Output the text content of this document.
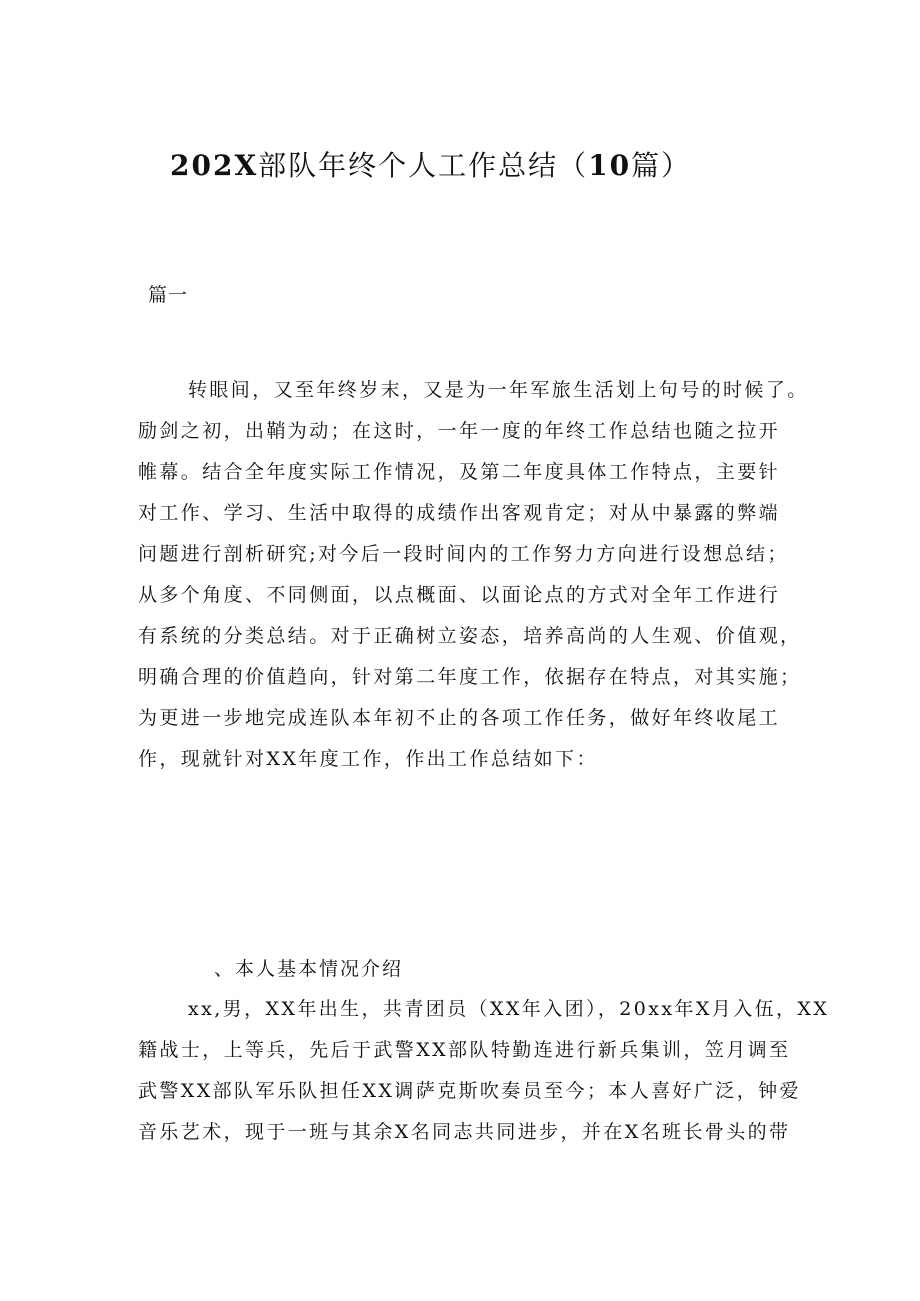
202X部队年终个人工作总结（10篇）
篇一
转眼间，又至年终岁末，又是为一年军旅生活划上句号的时候了。
励剑之初，出鞘为动；在这时，一年一度的年终工作总结也随之拉开
帷幕。结合全年度实际工作情况，及第二年度具体工作特点，主要针
对工作、学习、生活中取得的成绩作出客观肯定；对从中暴露的弊端
问题进行剖析研究;对今后一段时间内的工作努力方向进行设想总结；
从多个角度、不同侧面，以点概面、以面论点的方式对全年工作进行
有系统的分类总结。对于正确树立姿态，培养高尚的人生观、价值观，
明确合理的价值趋向，针对第二年度工作，依据存在特点，对其实施；
为更进一步地完成连队本年初不止的各项工作任务，做好年终收尾工
作，现就针对XX年度工作，作出工作总结如下：
、本人基本情况介绍
xx,男，XX年出生，共青团员（XX年入团），20xx年X月入伍，XX
籍战士，上等兵，先后于武警XX部队特勤连进行新兵集训，笠月调至
武警XX部队军乐队担任XX调萨克斯吹奏员至今；本人喜好广泛，钟爱
音乐艺术，现于一班与其余X名同志共同进步，并在X名班长骨头的带
